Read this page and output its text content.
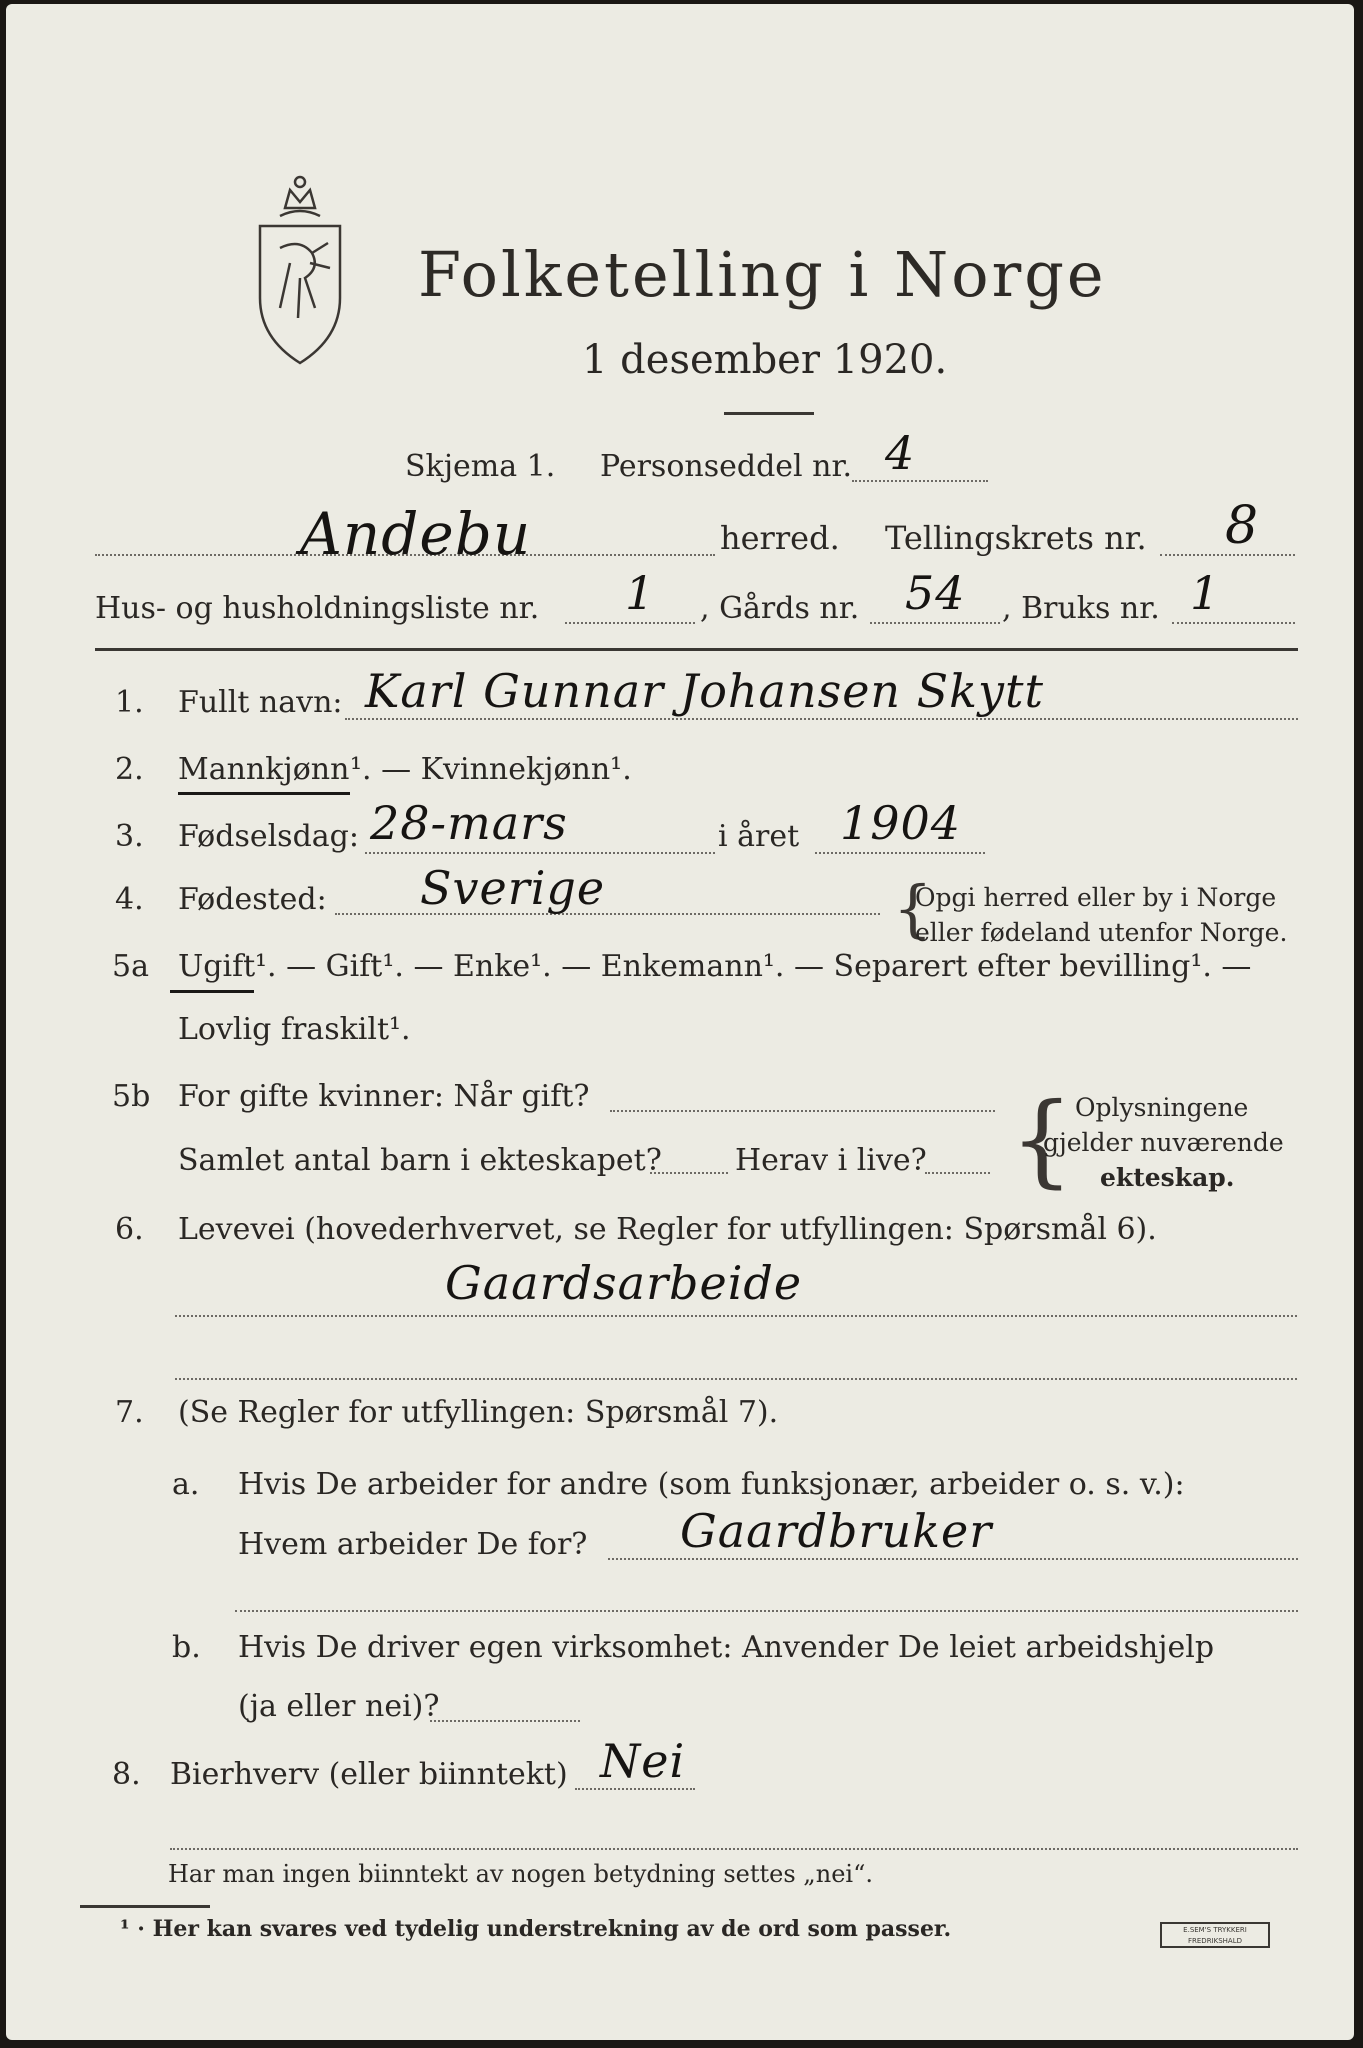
Folketelling i Norge
1 desember 1920.
Skjema 1. Personseddel nr. 4
Andebu	herred. Tellingskrets nr. 8
Hus- og husholdningsliste nr. 1 , Gårds nr. 54 , Bruks nr. 1
1. Fullt navn: Karl Gunnar Johansen Skytt
2. Mannkjønn ¹. — Kvinnekjønn¹.
3. Fødselsdag: 28-mars	i året 1904
4. Fødested: Sverige	{
Opgi herred eller by i Norge
eller fødeland utenfor Norge.
5a Ugift ¹. — Gift¹. — Enke¹. — Enkemann¹. — Separert efter bevilling¹. —
Lovlig fraskilt¹.
5b For gifte kvinner: Når gift?
Samlet antal barn i ekteskapet? Herav i live? { Oplysningene
gjelder nuværende
ekteskap.
6. Levevei (hovederhvervet, se Regler for utfyllingen: Spørsmål 6).
Gaardsarbeide
7. (Se Regler for utfyllingen: Spørsmål 7).
a. Hvis De arbeider for andre (som funksjonær, arbeider o. s. v.):
Hvem arbeider De for? Gaardbruker
b. Hvis De driver egen virksomhet: Anvender De leiet arbeidshjelp
(ja eller nei)?
8. Bierhverv (eller biinntekt) Nei
Har man ingen biinntekt av nogen betydning settes „nei“.
¹ · Her kan svares ved tydelig understrekning av de ord som passer.	E.SEM'S TRYKKERI FREDRIKSHALD
